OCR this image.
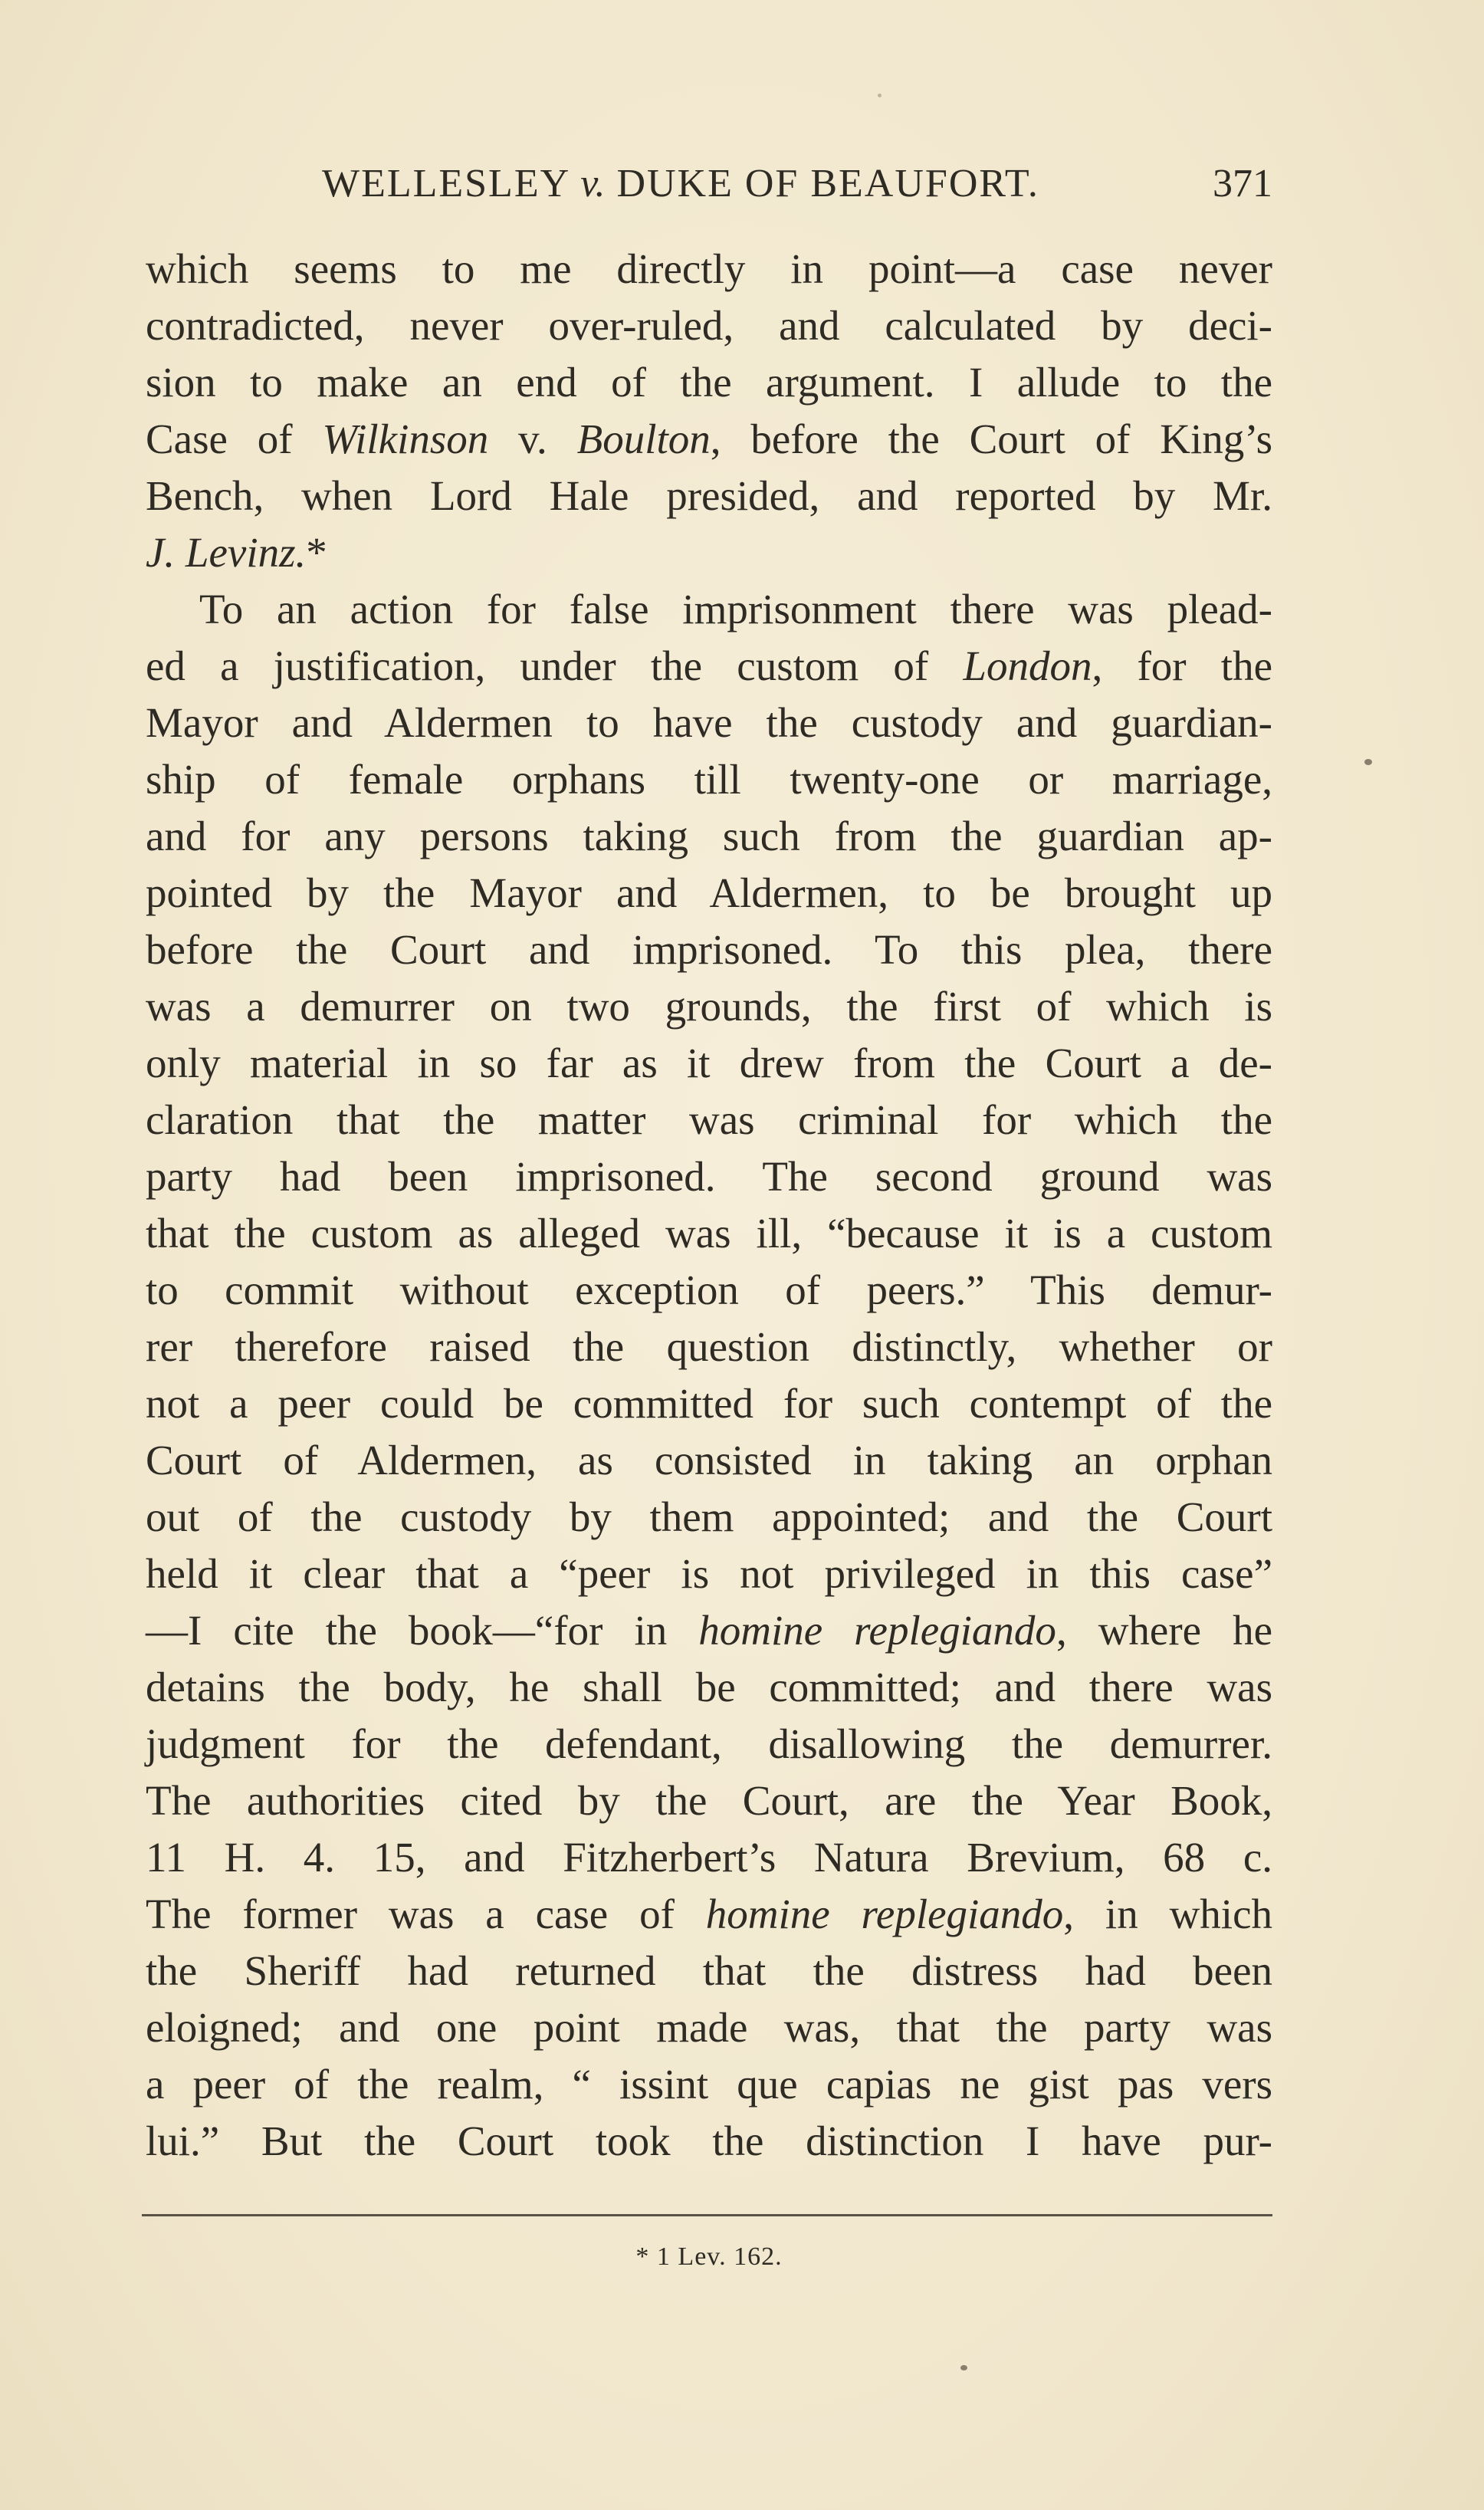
WELLESLEY v. DUKE OF BEAUFORT.	371
which seems to me directly in point—a case never
contradicted, never over-ruled, and calculated by deci-
sion to make an end of the argument. I allude to the
Case of Wilkinson v. Boulton, before the Court of King’s
Bench, when Lord Hale presided, and reported by Mr.
J. Levinz.*
To an action for false imprisonment there was plead-
ed a justification, under the custom of London, for the
Mayor and Aldermen to have the custody and guardian-
ship of female orphans till twenty-one or marriage,
and for any persons taking such from the guardian ap-
pointed by the Mayor and Aldermen, to be brought up
before the Court and imprisoned. To this plea, there
was a demurrer on two grounds, the first of which is
only material in so far as it drew from the Court a de-
claration that the matter was criminal for which the
party had been imprisoned. The second ground was
that the custom as alleged was ill, “because it is a custom
to commit without exception of peers.” This demur-
rer therefore raised the question distinctly, whether or
not a peer could be committed for such contempt of the
Court of Aldermen, as consisted in taking an orphan
out of the custody by them appointed; and the Court
held it clear that a “peer is not privileged in this case”
—I cite the book—“for in homine replegiando, where he
detains the body, he shall be committed; and there was
judgment for the defendant, disallowing the demurrer.
The authorities cited by the Court, are the Year Book,
11 H. 4. 15, and Fitzherbert’s Natura Brevium, 68 c.
The former was a case of homine replegiando, in which
the Sheriff had returned that the distress had been
eloigned; and one point made was, that the party was
a peer of the realm, “ issint que capias ne gist pas vers
lui.” But the Court took the distinction I have pur-
* 1 Lev. 162.
